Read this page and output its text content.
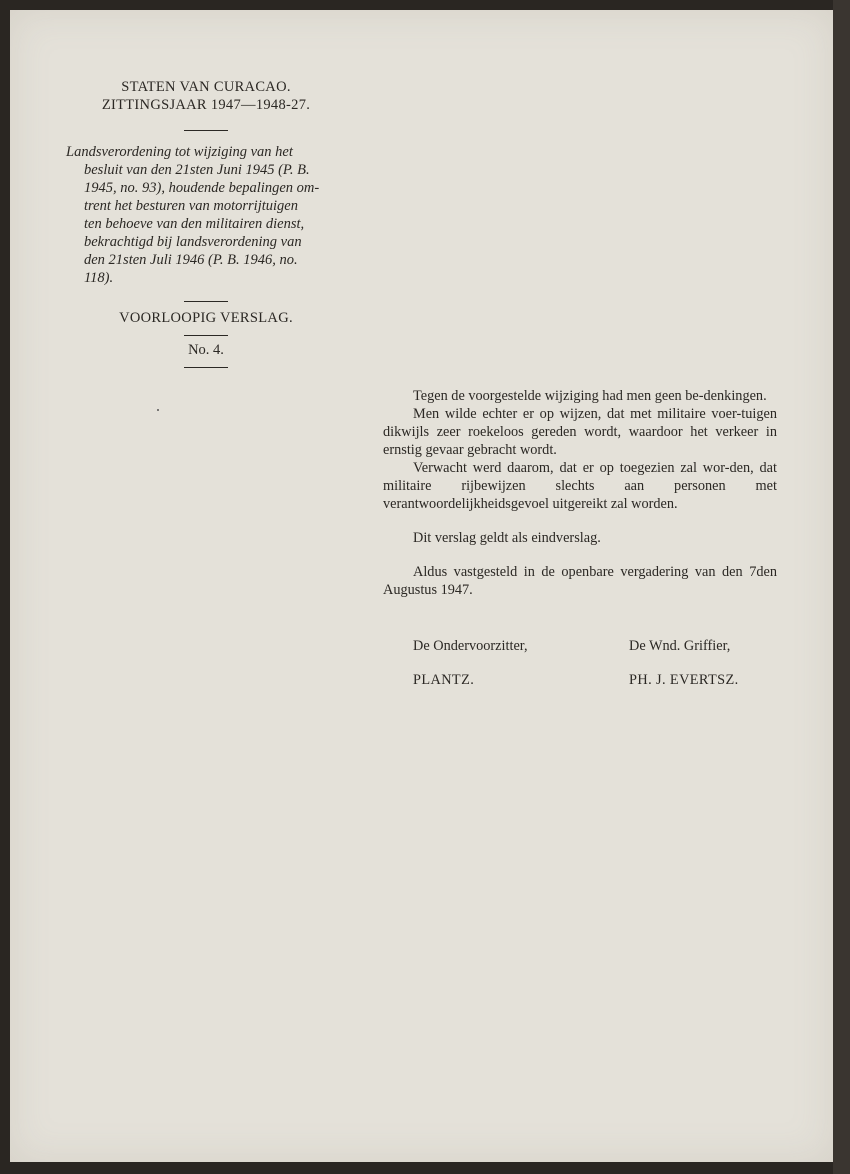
STATEN VAN CURACAO.
ZITTINGSJAAR 1947—1948-27.
Landsverordening tot wijziging van het
besluit van den 21sten Juni 1945 (P. B.
1945, no. 93), houdende bepalingen om-
trent het besturen van motorrijtuigen
ten behoeve van den militairen dienst,
bekrachtigd bij landsverordening van
den 21sten Juli 1946 (P. B. 1946, no.
118).
VOORLOOPIG VERSLAG.
No. 4.

Tegen de voorgestelde wijziging had men geen be-denkingen.

Men wilde echter er op wijzen, dat met militaire voer-tuigen dikwijls zeer roekeloos gereden wordt, waardoor het verkeer in ernstig gevaar gebracht wordt.

Verwacht werd daarom, dat er op toegezien zal wor-den, dat militaire rijbewijzen slechts aan personen met verantwoordelijkheidsgevoel uitgereikt zal worden.

Dit verslag geldt als eindverslag.

Aldus vastgesteld in de openbare vergadering van den 7den Augustus 1947.

De Ondervoorzitter,	De Wnd. Griffier,
PLANTZ.	PH. J. EVERTSZ.
